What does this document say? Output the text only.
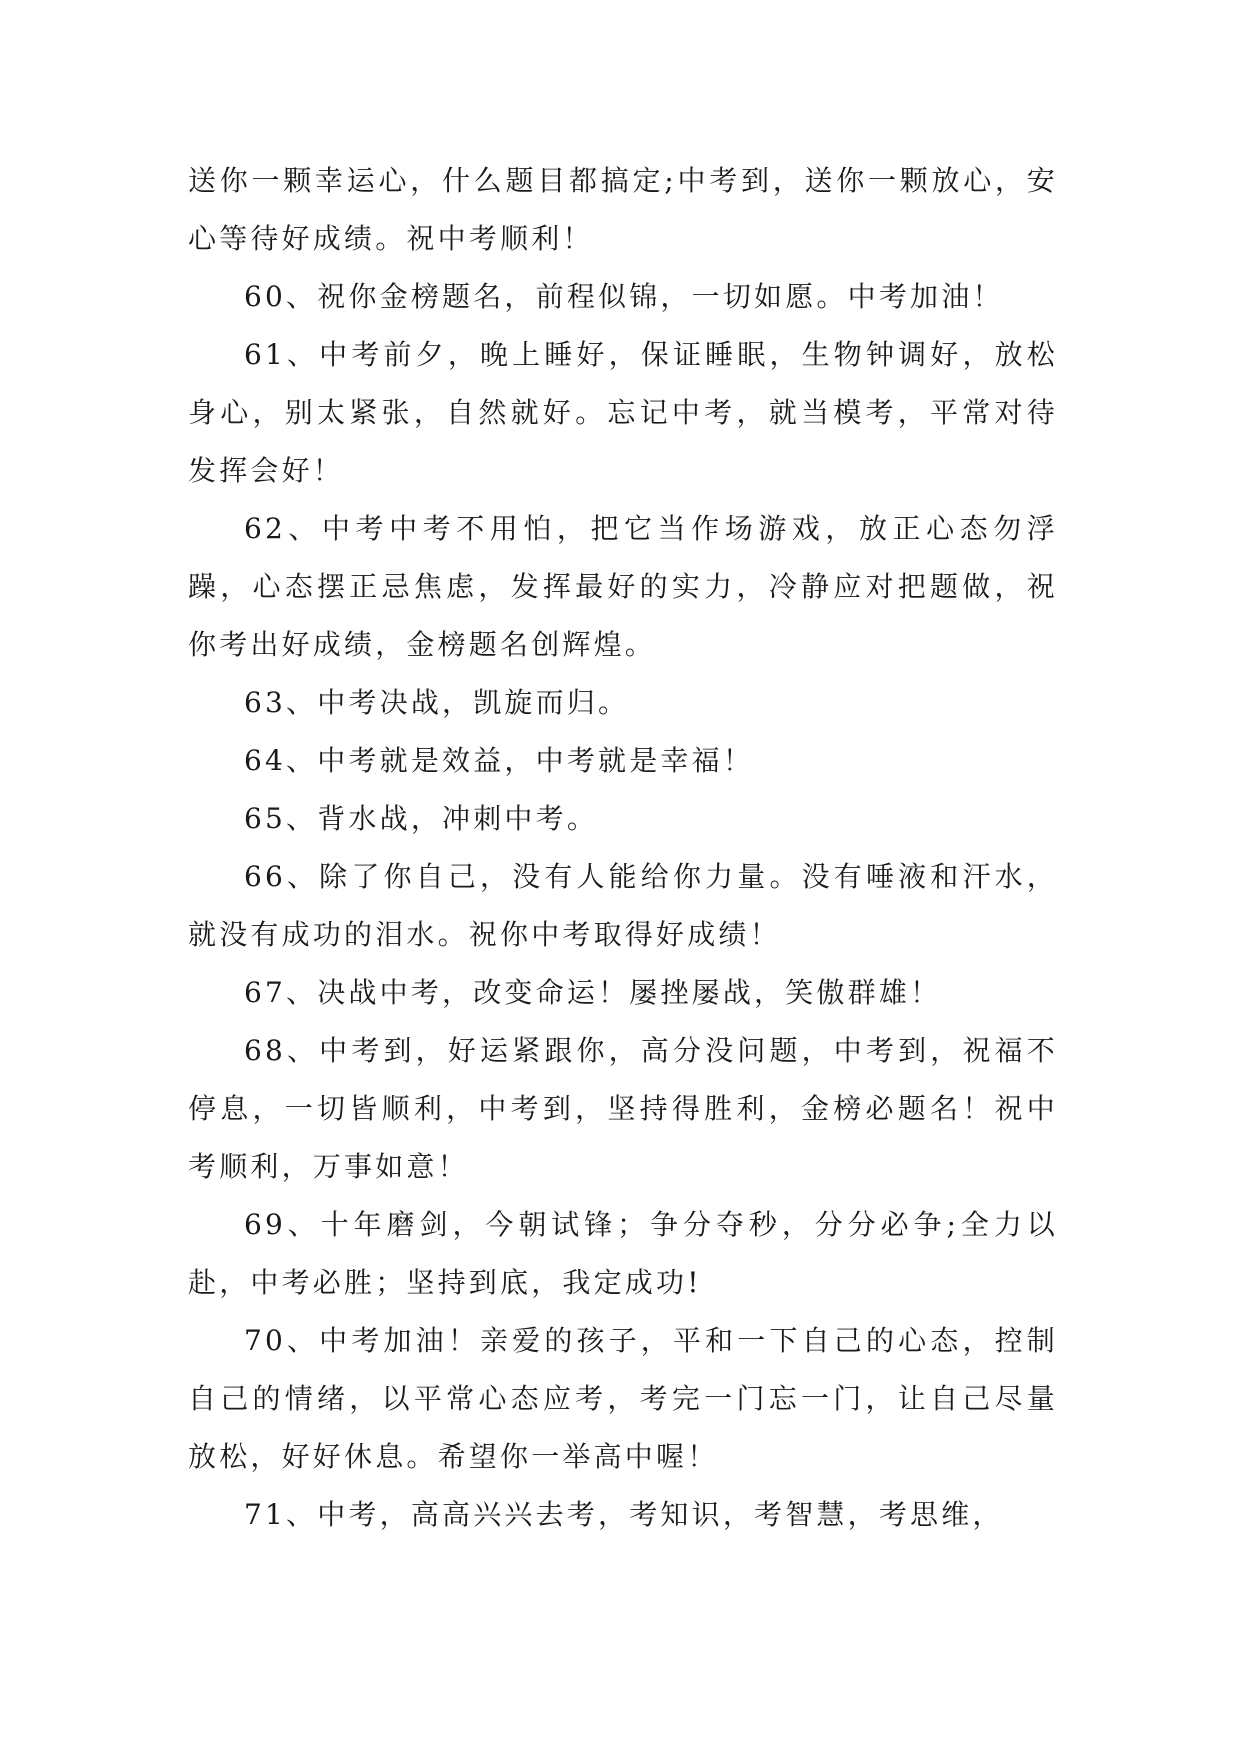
送你一颗幸运心，什么题目都搞定;中考到，送你一颗放心，安心等待好成绩。祝中考顺利！

60、祝你金榜题名，前程似锦，一切如愿。中考加油！

61、中考前夕，晚上睡好，保证睡眠，生物钟调好，放松身心，别太紧张，自然就好。忘记中考，就当模考，平常对待发挥会好！

62、中考中考不用怕，把它当作场游戏，放正心态勿浮躁，心态摆正忌焦虑，发挥最好的实力，冷静应对把题做，祝你考出好成绩，金榜题名创辉煌。

63、中考决战，凯旋而归。

64、中考就是效益，中考就是幸福！

65、背水战，冲刺中考。

66、除了你自己，没有人能给你力量。没有唾液和汗水，就没有成功的泪水。祝你中考取得好成绩！

67、决战中考，改变命运！屡挫屡战，笑傲群雄！

68、中考到，好运紧跟你，高分没问题，中考到，祝福不停息，一切皆顺利，中考到，坚持得胜利，金榜必题名！祝中考顺利，万事如意！

69、十年磨剑，今朝试锋；争分夺秒，分分必争;全力以赴，中考必胜；坚持到底，我定成功!

70、中考加油！亲爱的孩子，平和一下自己的心态，控制自己的情绪，以平常心态应考，考完一门忘一门，让自己尽量放松，好好休息。希望你一举高中喔！

71、中考，高高兴兴去考，考知识，考智慧，考思维，
